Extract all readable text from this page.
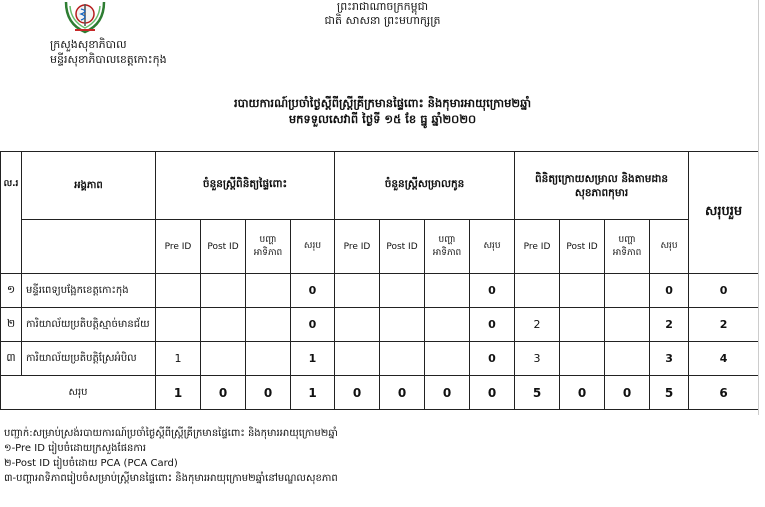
ក្រសួងសុខាភិបាល
មន្ទីរសុខាភិបាលខេត្តកោះកុង
ព្រះរាជាណាចក្រកម្ពុជា
ជាតិ សាសនា ព្រះមហាក្សត្រ
របាយការណ៍ប្រចាំថ្ងៃស្ដីពីស្ត្រីគ្រីក្រមានផ្ទៃពោះ និងកុមារអាយុក្រោម២ឆ្នាំ
មកទទួលសេវាពី ថ្ងៃទី ១៥ ខែ ធ្នូ ឆ្នាំ២០២០
ល.រ	អង្គភាព	ចំនួនស្ត្រីពិនិត្យផ្ទៃពោះ				ចំនួនស្ត្រីសម្រាលកូន				ពិនិត្យក្រោយសម្រាល និងតាមដានសុខភាពកុមារ				សរុបរួម
		Pre ID	Post ID	បញ្ហាអាទិភាព	សរុប	Pre ID	Post ID	បញ្ហាអាទិភាព	សរុប	Pre ID	Post ID	បញ្ហាអាទិភាព	សរុប	
១	មន្ទីរពេទ្យបង្អែកខេត្តកោះកុង				0				0				0	0
២	ការិយាល័យប្រតិបត្តិស្មាច់មានជ័យ				0				0	2			2	2
៣	ការិយាល័យប្រតិបត្តិស្រែអំបិល	1			1				0	3			3	4
សរុប		1	0	0	1	0	0	0	0	5	0	0	5	6
បញ្ជាក់:សម្រាប់ស្រង់របាយការណ៍ប្រចាំថ្ងៃស្ដីពីស្ត្រីគ្រីក្រមានផ្ទៃពោះ និងកុមារអាយុក្រោម២ឆ្នាំ
១-Pre ID រៀបចំដោយក្រសួងផែនការ
២-Post ID រៀបចំដោយ PCA (PCA Card)
៣-បញ្ហាអាទិភាពរៀបចំសម្រាប់ស្ត្រីមានផ្ទៃពោះ និងកុមារអាយុក្រោម២ឆ្នាំនៅមណ្ឌលសុខភាព
